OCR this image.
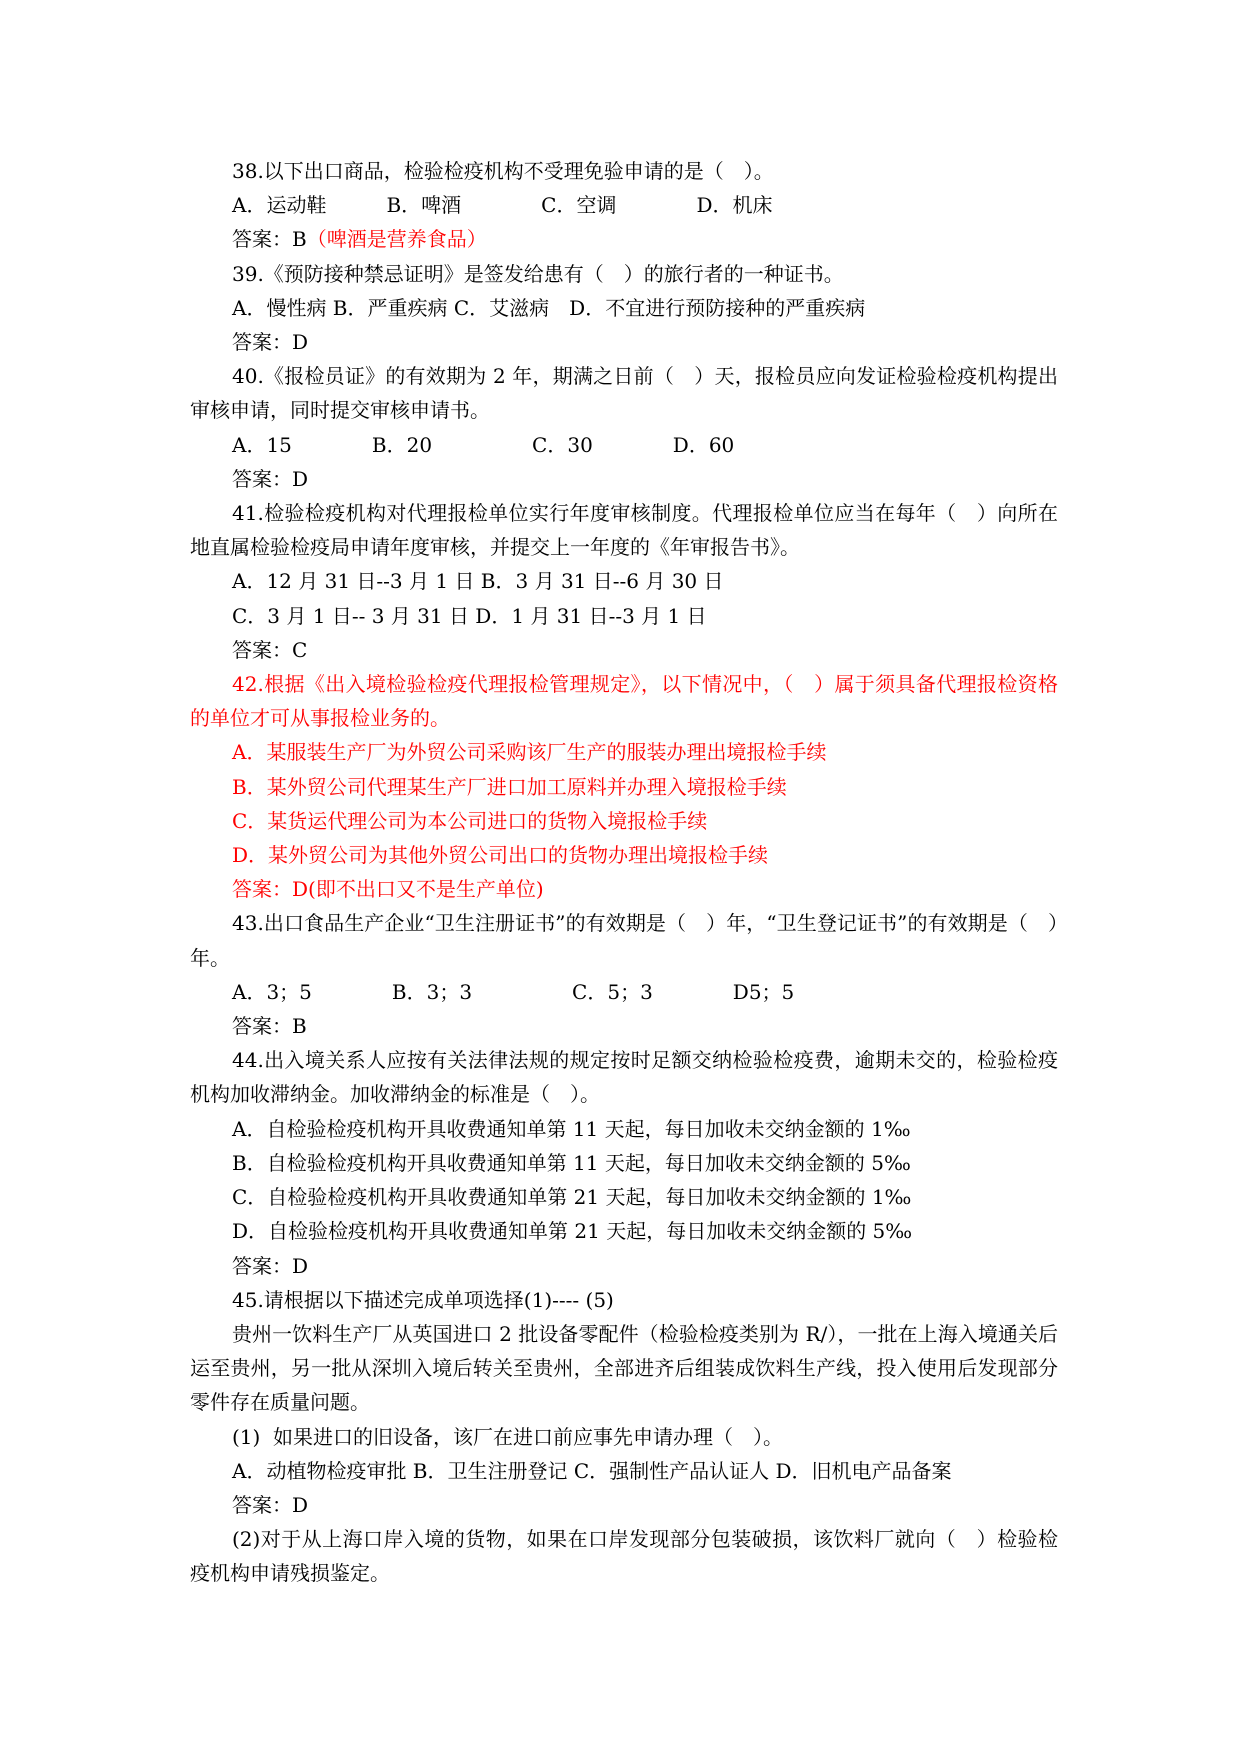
38.以下出口商品，检验检疫机构不受理免验申请的是（　）。

A．运动鞋　　　B．啤酒　　　　C．空调　　　　D．机床

答案：B（啤酒是营养食品）

39.《预防接种禁忌证明》是签发给患有（　）的旅行者的一种证书。

A．慢性病 B．严重疾病 C．艾滋病　D．不宜进行预防接种的严重疾病

答案：D

40.《报检员证》的有效期为 2 年，期满之日前（　）天，报检员应向发证检验检疫机构提出审核申请，同时提交审核申请书。

A．15　　　　B．20　　　　　C．30　　　　D．60

答案：D

41.检验检疫机构对代理报检单位实行年度审核制度。代理报检单位应当在每年（　）向所在地直属检验检疫局申请年度审核，并提交上一年度的《年审报告书》。

A．12 月 31 日--3 月 1 日 B．3 月 31 日--6 月 30 日

C．3 月 1 日-- 3 月 31 日 D．1 月 31 日--3 月 1 日

答案：C

42.根据《出入境检验检疫代理报检管理规定》，以下情况中，（　）属于须具备代理报检资格的单位才可从事报检业务的。

A．某服装生产厂为外贸公司采购该厂生产的服装办理出境报检手续

B．某外贸公司代理某生产厂进口加工原料并办理入境报检手续

C．某货运代理公司为本公司进口的货物入境报检手续

D．某外贸公司为其他外贸公司出口的货物办理出境报检手续

答案：D(即不出口又不是生产单位)

43.出口食品生产企业“卫生注册证书”的有效期是（　）年，“卫生登记证书”的有效期是（　）年。

A．3；5　　　　B．3；3　　　　　C．5；3　　　　D5；5

答案：B

44.出入境关系人应按有关法律法规的规定按时足额交纳检验检疫费，逾期未交的，检验检疫机构加收滞纳金。加收滞纳金的标准是（　）。

A．自检验检疫机构开具收费通知单第 11 天起，每日加收未交纳金额的 1‰

B．自检验检疫机构开具收费通知单第 11 天起，每日加收未交纳金额的 5‰

C．自检验检疫机构开具收费通知单第 21 天起，每日加收未交纳金额的 1‰

D．自检验检疫机构开具收费通知单第 21 天起，每日加收未交纳金额的 5‰

答案：D

45.请根据以下描述完成单项选择(1)---- (5)

贵州一饮料生产厂从英国进口 2 批设备零配件（检验检疫类别为 R/），一批在上海入境通关后运至贵州，另一批从深圳入境后转关至贵州，全部进齐后组装成饮料生产线，投入使用后发现部分零件存在质量问题。

(1)  如果进口的旧设备，该厂在进口前应事先申请办理（　）。

A．动植物检疫审批 B．卫生注册登记 C．强制性产品认证人 D．旧机电产品备案

答案：D

(2)对于从上海口岸入境的货物，如果在口岸发现部分包装破损，该饮料厂就向（　）检验检疫机构申请残损鉴定。
